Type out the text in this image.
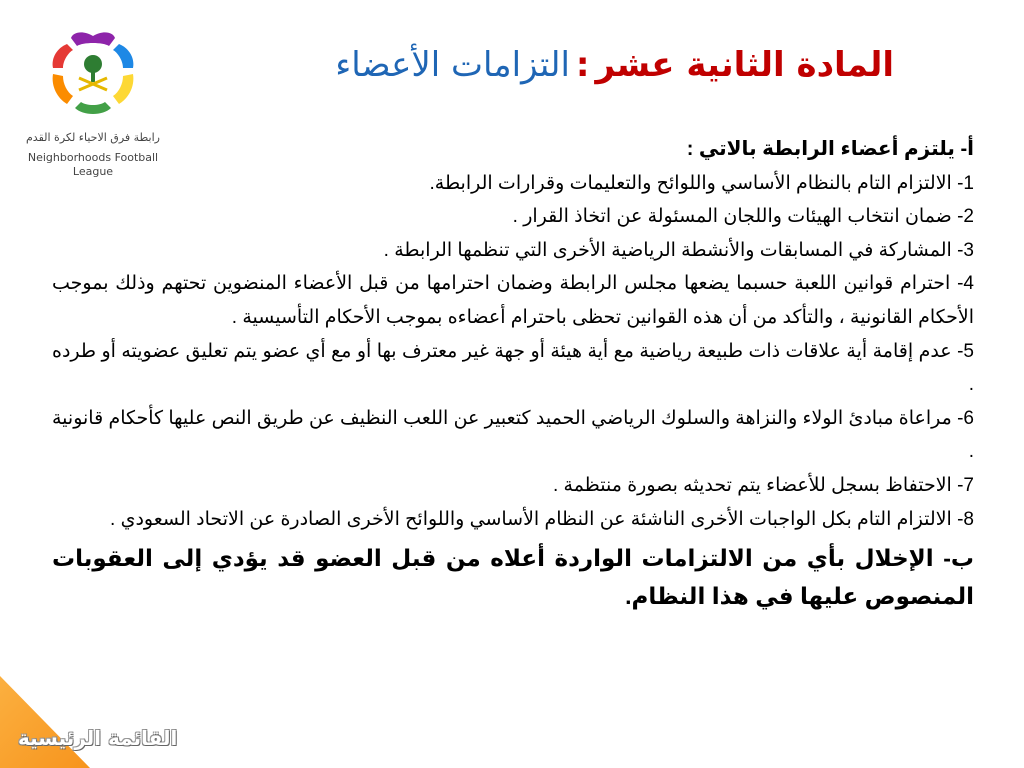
رابطة فرق الاحياء لكرة القدم
Neighborhoods Football
League
المادة الثانية عشر:التزامات الأعضاء

أ- يلتزم أعضاء الرابطة بالاتي :

1- الالتزام التام بالنظام الأساسي واللوائح والتعليمات وقرارات الرابطة.

2- ضمان انتخاب الهيئات واللجان المسئولة عن اتخاذ القرار .

3- المشاركة في المسابقات والأنشطة الرياضية الأخرى التي تنظمها الرابطة .

4- احترام قوانين اللعبة حسبما يضعها مجلس الرابطة وضمان احترامها من قبل الأعضاء المنضوين تحتهم وذلك بموجب الأحكام القانونية ، والتأكد من أن هذه القوانين تحظى باحترام أعضاءه بموجب الأحكام التأسيسية .

5- عدم إقامة أية علاقات ذات طبيعة رياضية مع أية هيئة أو جهة غير معترف بها أو مع أي عضو يتم تعليق عضويته أو طرده .

6- مراعاة مبادئ الولاء والنزاهة والسلوك الرياضي الحميد كتعبير عن اللعب النظيف عن طريق النص عليها كأحكام قانونية .

7- الاحتفاظ بسجل للأعضاء يتم تحديثه بصورة منتظمة .

8- الالتزام التام بكل الواجبات الأخرى الناشئة عن النظام الأساسي واللوائح الأخرى الصادرة عن الاتحاد السعودي .

ب- الإخلال بأي من الالتزامات الواردة أعلاه من قبل العضو قد يؤدي إلى العقوبات المنصوص عليها في هذا النظام.

القائمة الرئيسية
